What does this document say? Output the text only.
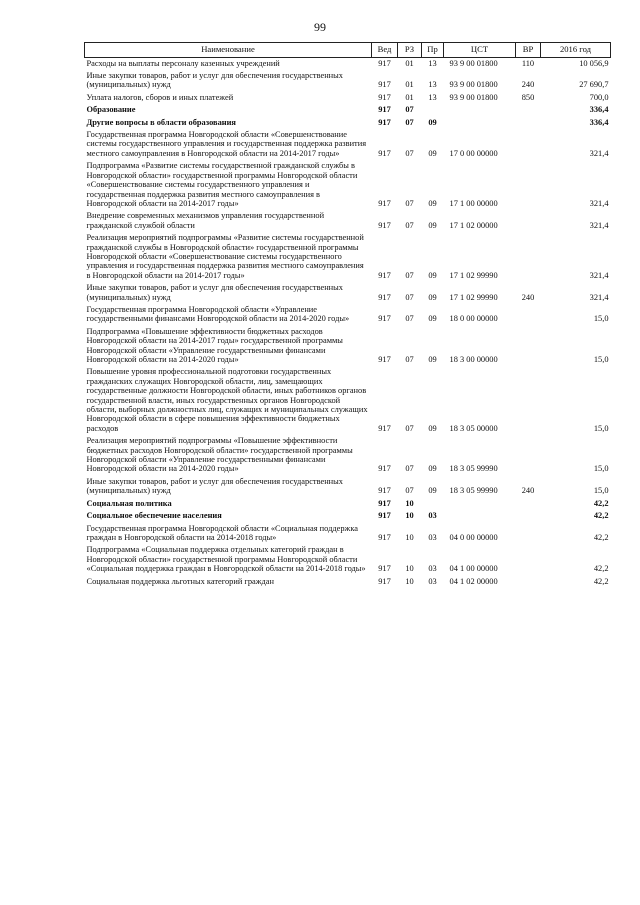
99
Наименование	Вед	РЗ	Пр	ЦСТ	ВР	2016 год
Расходы на выплаты персоналу казенных учреждений	917	01	13	93 9 00 01800	110	10 056,9
Иные закупки товаров, работ и услуг для обеспечения государственных (муниципальных) нужд	917	01	13	93 9 00 01800	240	27 690,7
Уплата налогов, сборов и иных платежей	917	01	13	93 9 00 01800	850	700,0
Образование	917	07				336,4
Другие вопросы в области образования	917	07	09			336,4
Государственная программа Новгородской области «Совершенствование системы государственного управления и государственная поддержка развития местного самоуправления в Новгородской области на 2014-2017 годы»	917	07	09	17 0 00 00000		321,4
Подпрограмма «Развитие системы государственной гражданской службы в Новгородской области» государственной программы Новгородской области «Совершенствование системы государственного управления и государственная поддержка развития местного самоуправления в Новгородской области на 2014-2017 годы»	917	07	09	17 1 00 00000		321,4
Внедрение современных механизмов управления государственной гражданской службой области	917	07	09	17 1 02 00000		321,4
Реализация мероприятий подпрограммы «Развитие системы государственной гражданской службы в Новгородской области» государственной программы Новгородской области «Совершенствование системы государственного управления и государственная поддержка развития местного самоуправления в Новгородской области на 2014-2017 годы»	917	07	09	17 1 02 99990		321,4
Иные закупки товаров, работ и услуг для обеспечения государственных (муниципальных) нужд	917	07	09	17 1 02 99990	240	321,4
Государственная программа Новгородской области «Управление государственными финансами Новгородской области на 2014-2020 годы»	917	07	09	18 0 00 00000		15,0
Подпрограмма «Повышение эффективности бюджетных расходов Новгородской области на 2014-2017 годы» государственной программы Новгородской области «Управление государственными финансами Новгородской области на 2014-2020 годы»	917	07	09	18 3 00 00000		15,0
Повышение уровня профессиональной подготовки государственных гражданских служащих Новгородской области, лиц, замещающих государственные должности Новгородской области, иных работников органов государственной власти, иных государственных органов Новгородской области, выборных должностных лиц, служащих и муниципальных служащих Новгородской области в сфере повышения эффективности бюджетных расходов	917	07	09	18 3 05 00000		15,0
Реализация мероприятий подпрограммы «Повышение эффективности бюджетных расходов Новгородской области» государственной программы Новгородской области «Управление государственными финансами Новгородской области на 2014-2020 годы»	917	07	09	18 3 05 99990		15,0
Иные закупки товаров, работ и услуг для обеспечения государственных (муниципальных) нужд	917	07	09	18 3 05 99990	240	15,0
Социальная политика	917	10				42,2
Социальное обеспечение населения	917	10	03			42,2
Государственная программа Новгородской области «Социальная поддержка граждан в Новгородской области на 2014-2018 годы»	917	10	03	04 0 00 00000		42,2
Подпрограмма «Социальная поддержка отдельных категорий граждан в Новгородской области» государственной программы Новгородской области «Социальная поддержка граждан в Новгородской области на 2014-2018 годы»	917	10	03	04 1 00 00000		42,2
Социальная поддержка льготных категорий граждан	917	10	03	04 1 02 00000		42,2
